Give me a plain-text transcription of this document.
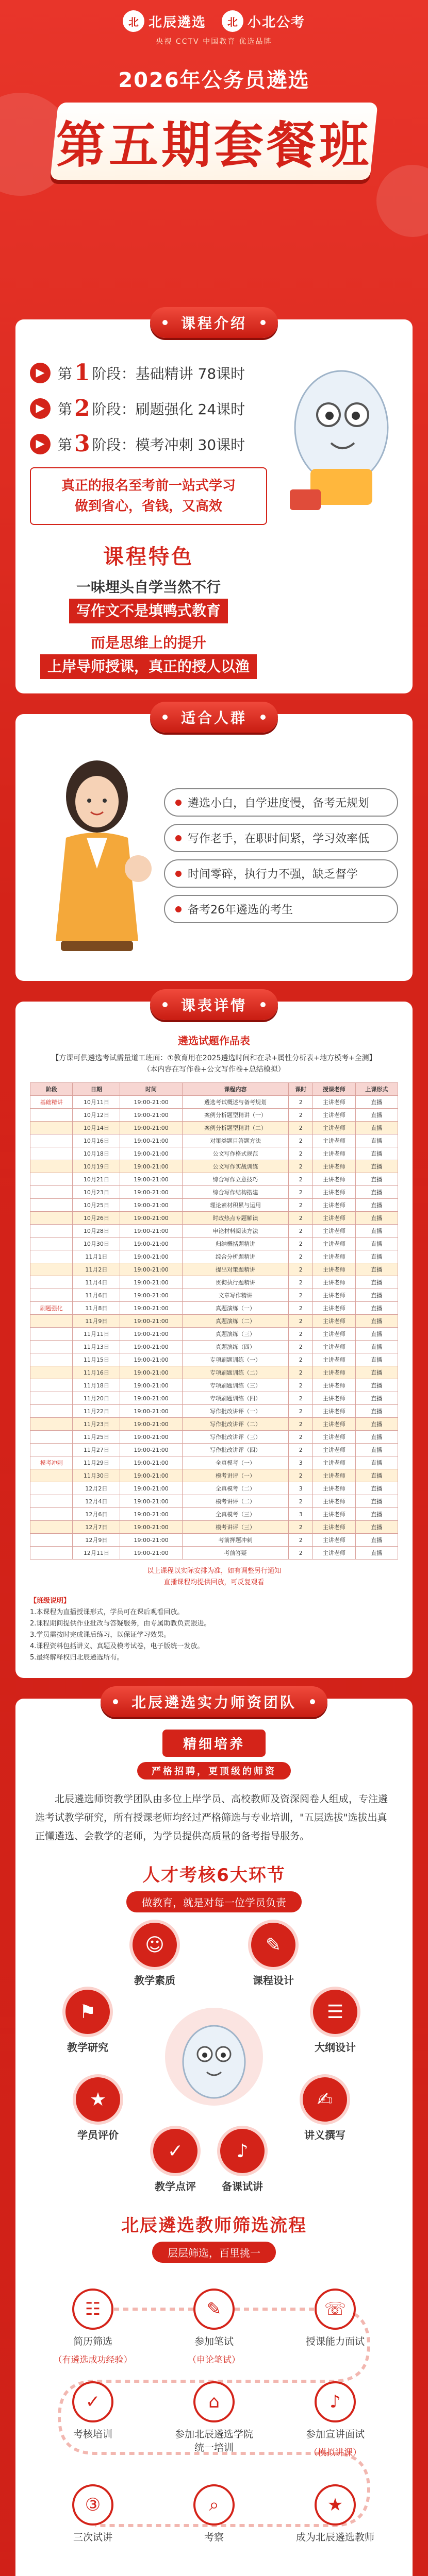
北 北辰遴选	北 小北公考
央视 CCTV 中国教育 优选品牌
2026年公务员遴选
第五期套餐班
课程介绍
▶ 第 1 阶段：基础精讲 78课时
▶ 第 2 阶段：刷题强化 24课时
▶ 第 3 阶段：模考冲刺 30课时

真正的报名至考前一站式学习

做到省心，省钱，又高效

课程特色
一味埋头自学当然不行
写作文不是填鸭式教育
而是思维上的提升
上岸导师授课，真正的授人以渔
适合人群
遴选小白，自学进度慢，备考无规划
写作老手，在职时间紧，学习效率低
时间零碎，执行力不强，缺乏督学
备考26年遴选的考生
课表详情
遴选试题作品表
【方课可供遴选考试需量道工班面：①教育用在2025遴选时间和在录+属性分析表+地方模考+全测】
（本内容在写作卷+公文写作卷+总结模拟）
阶段	日期	时间	课程内容	课时	授课老师	上课形式
基础精讲	10月11日	19:00-21:00	遴选考试概述与备考规划	2	主讲老师	直播
	10月12日	19:00-21:00	案例分析题型精讲（一）	2	主讲老师	直播
	10月14日	19:00-21:00	案例分析题型精讲（二）	2	主讲老师	直播
	10月16日	19:00-21:00	对策类题目答题方法	2	主讲老师	直播
	10月18日	19:00-21:00	公文写作格式规范	2	主讲老师	直播
	10月19日	19:00-21:00	公文写作实战训练	2	主讲老师	直播
	10月21日	19:00-21:00	综合写作立意技巧	2	主讲老师	直播
	10月23日	19:00-21:00	综合写作结构搭建	2	主讲老师	直播
	10月25日	19:00-21:00	理论素材积累与运用	2	主讲老师	直播
	10月26日	19:00-21:00	时政热点专题解读	2	主讲老师	直播
	10月28日	19:00-21:00	申论材料阅读方法	2	主讲老师	直播
	10月30日	19:00-21:00	归纳概括题精讲	2	主讲老师	直播
	11月1日	19:00-21:00	综合分析题精讲	2	主讲老师	直播
	11月2日	19:00-21:00	提出对策题精讲	2	主讲老师	直播
	11月4日	19:00-21:00	贯彻执行题精讲	2	主讲老师	直播
	11月6日	19:00-21:00	文章写作精讲	2	主讲老师	直播
刷题强化	11月8日	19:00-21:00	真题演练（一）	2	主讲老师	直播
	11月9日	19:00-21:00	真题演练（二）	2	主讲老师	直播
	11月11日	19:00-21:00	真题演练（三）	2	主讲老师	直播
	11月13日	19:00-21:00	真题演练（四）	2	主讲老师	直播
	11月15日	19:00-21:00	专项刷题训练（一）	2	主讲老师	直播
	11月16日	19:00-21:00	专项刷题训练（二）	2	主讲老师	直播
	11月18日	19:00-21:00	专项刷题训练（三）	2	主讲老师	直播
	11月20日	19:00-21:00	专项刷题训练（四）	2	主讲老师	直播
	11月22日	19:00-21:00	写作批改讲评（一）	2	主讲老师	直播
	11月23日	19:00-21:00	写作批改讲评（二）	2	主讲老师	直播
	11月25日	19:00-21:00	写作批改讲评（三）	2	主讲老师	直播
	11月27日	19:00-21:00	写作批改讲评（四）	2	主讲老师	直播
模考冲刺	11月29日	19:00-21:00	全真模考（一）	3	主讲老师	直播
	11月30日	19:00-21:00	模考讲评（一）	2	主讲老师	直播
	12月2日	19:00-21:00	全真模考（二）	3	主讲老师	直播
	12月4日	19:00-21:00	模考讲评（二）	2	主讲老师	直播
	12月6日	19:00-21:00	全真模考（三）	3	主讲老师	直播
	12月7日	19:00-21:00	模考讲评（三）	2	主讲老师	直播
	12月9日	19:00-21:00	考前押题冲刺	2	主讲老师	直播
	12月11日	19:00-21:00	考前答疑	2	主讲老师	直播
以上课程以实际安排为准，如有调整另行通知
直播课程均提供回放，可反复观看
【班级说明】
1.本课程为直播授课形式，学员可在课后观看回放。
2.课程期间提供作业批改与答疑服务，由专属助教负责跟进。
3.学员需按时完成课后练习，以保证学习效果。
4.课程资料包括讲义、真题及模考试卷，电子版统一发放。
5.最终解释权归北辰遴选所有。
北辰遴选实力师资团队
精细培养
严格招聘，更顶级的师资

北辰遴选师资教学团队由多位上岸学员、高校教师及资深阅卷人组成，专注遴选考试教学研究，所有授课老师均经过严格筛选与专业培训，"五层选拔"选拔出真正懂遴选、会教学的老师，为学员提供高质量的备考指导服务。

人才考核6大环节
做教育，就是对每一位学员负责
☺
教学素质
✎
课程设计
☰
大纲设计
✍
讲义撰写
♪
备课试讲
✓
教学点评
★
学员评价
⚑
教学研究
北辰遴选教师筛选流程
层层筛选，百里挑一
☷
简历筛选
（有遴选成功经验）
✎
参加笔试
（申论笔试）
☏
授课能力面试
✓
考核培训
⌂
参加北辰遴选学院统一培训
♪
参加宣讲面试
（模拟讲课）
③
三次试讲
⌕
考察
★
成为北辰遴选教师
